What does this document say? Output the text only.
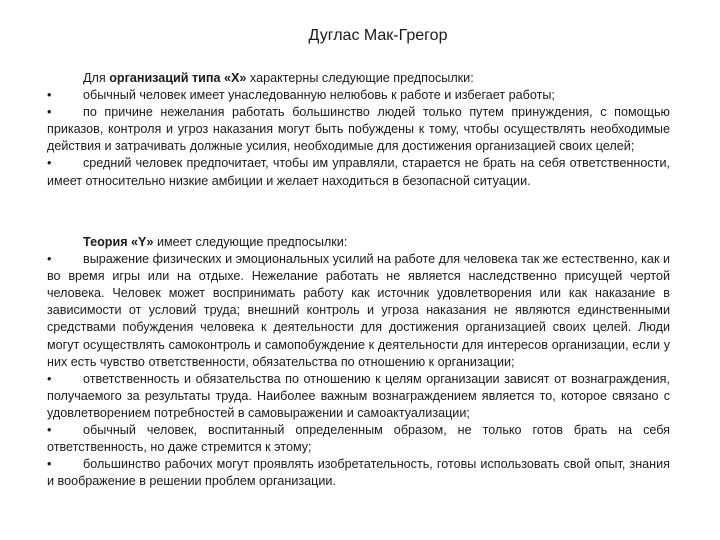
Дуглас Мак-Грегор

Для организаций типа «Х» характерны следующие предпосылки:

•	обычный человек имеет унаследованную нелюбовь к работе и избегает работы;

•	по причине нежелания работать большинство людей только путем принуждения, с помощью приказов, контроля и угроз наказания могут быть побуждены к тому, чтобы осуществлять необходимые действия и затрачивать должные усилия, необходимые для достижения организацией своих целей;

•	средний человек предпочитает, чтобы им управляли, старается не брать на себя ответственности, имеет относительно низкие амбиции и желает находиться в безопасной ситуации.

Теория «Y» имеет следующие предпосылки:

•	выражение физических и эмоциональных усилий на работе для человека так же естественно, как и во время игры или на отдыхе. Нежелание работать не является наследственно присущей чертой человека. Человек может воспринимать работу как источник удовлетворения или как наказание в зависимости от условий труда; внешний контроль и угроза наказания не являются единственными средствами побуждения человека к деятельности для достижения организацией своих целей. Люди могут осуществлять самоконтроль и самопобуждение к деятельности для интересов организации, если у них есть чувство ответственности, обязательства по отношению к организации;

•	ответственность и обязательства по отношению к целям организации зависят от вознаграждения, получаемого за результаты труда. Наиболее важным вознаграждением является то, которое связано с удовлетворением потребностей в самовыражении и самоактуализации;

•	обычный человек, воспитанный определенным образом, не только готов брать на себя ответственность, но даже стремится к этому;

•	большинство рабочих могут проявлять изобретательность, готовы использовать свой опыт, знания и воображение в решении проблем организации.
